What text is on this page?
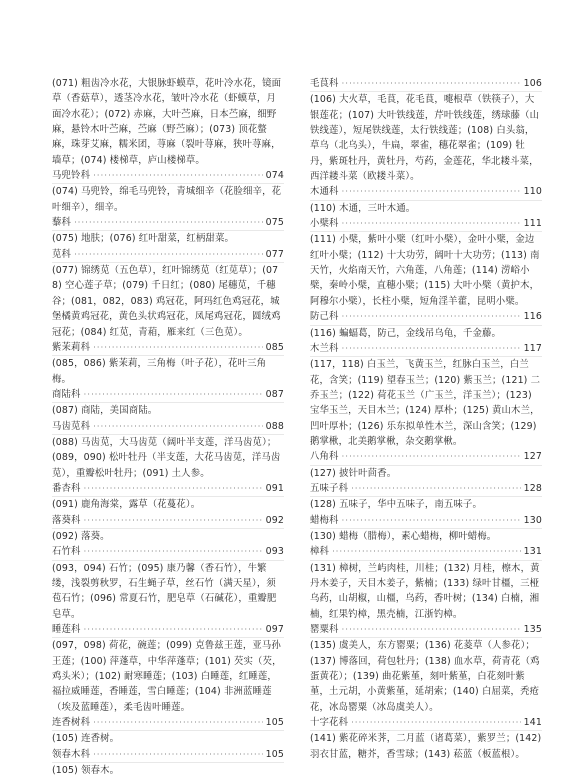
(071) 粗齿冷水花，大银脉虾蟆草，花叶冷水花，镜面草（香菇草），透茎冷水花，皱叶冷水花（虾蟆草，月面冷水花）；(072) 赤麻，大叶苎麻，日本苎麻，细野麻，悬铃木叶苎麻，苎麻（野苎麻）；(073) 顶花螫麻，珠芽艾麻，糯米团，荨麻（裂叶荨麻，狭叶荨麻，墙草；(074) 楼梯草，庐山楼梯草。
马兜铃科 ·····	074
(074) 马兜铃，绵毛马兜铃，青城细辛（花脸细辛，花叶细辛），细辛。
藜科 ·····	075
(075) 地肤；(076) 红叶甜菜，红柄甜菜。
苋科 ·····	077
(077) 锦绣苋（五色草），红叶锦绣苋（红苋草）；(078) 空心莲子草；(079) 千日红；(080) 尾穗苋，千穗谷；(081，082，083) 鸡冠花，阿玛红色鸡冠花，城堡橘黄鸡冠花，黄色头状鸡冠花，凤尾鸡冠花，圆绒鸡冠花；(084) 红苋，青葙，雁来红（三色苋）。
紫茉莉科 ·····	085
(085，086) 紫茉莉，三角梅（叶子花），花叶三角梅。
商陆科 ·····	087
(087) 商陆，美国商陆。
马齿苋科 ·····	088
(088) 马齿苋，大马齿苋（阔叶半支莲，洋马齿苋）；(089，090) 松叶牡丹（半支莲，大花马齿苋，洋马齿苋），重瓣松叶牡丹；(091) 土人参。
番杏科 ·····	091
(091) 鹿角海棠，露草（花蔓花）。
落葵科 ·····	092
(092) 落葵。
石竹科 ·····	093
(093，094) 石竹；(095) 康乃馨（香石竹），牛繁缕，浅裂剪秋罗，石生蝇子草，丝石竹（满天星），须苞石竹；(096) 常夏石竹，肥皂草（石碱花），重瓣肥皂草。
睡莲科 ·····	097
(097，098) 荷花，碗莲；(099) 克鲁兹王莲，亚马孙王莲；(100) 萍蓬草，中华萍蓬草；(101) 芡实（芡，鸡头米）；(102) 耐寒睡莲；(103) 白睡莲，红睡莲，福拉威睡莲，香睡莲，雪白睡莲；(104) 非洲蓝睡莲（埃及蓝睡莲），柔毛齿叶睡莲。
连香树科 ·····	105
(105) 连香树。
领春木科 ·····	105
(105) 领春木。
毛茛科 ·····	106
(106) 大火草，毛茛，花毛茛，嚏根草（铁筷子），大银莲花；(107) 大叶铁线莲，芹叶铁线莲，绣球藤（山铁线莲），短尾铁线莲，太行铁线莲；(108) 白头翁，草乌（北乌头），牛扁，翠雀，穗花翠雀；(109) 牡丹，紫斑牡丹，黄牡丹，芍药，金莲花，华北耧斗菜，西洋耧斗菜（欧耧斗菜）。
木通科 ·····	110
(110) 木通，三叶木通。
小檗科 ·····	111
(111) 小檗，紫叶小檗（红叶小檗），金叶小檗，金边红叶小檗；(112) 十大功劳，阔叶十大功劳；(113) 南天竹，火焰南天竹，六角莲，八角莲；(114) 涝峪小檗，秦岭小檗，直穗小檗；(115) 大叶小檗（黄护木，阿穆尔小檗），长柱小檗，短角淫羊藿，昆明小檗。
防己科 ·····	116
(116) 蝙蝠葛，防己，金线吊乌龟，千金藤。
木兰科 ·····	117
(117，118) 白玉兰，飞黄玉兰，红脉白玉兰，白兰花，含笑；(119) 望春玉兰；(120) 紫玉兰；(121) 二乔玉兰；(122) 荷花玉兰（广玉兰，洋玉兰）；(123) 宝华玉兰，天目木兰；(124) 厚朴；(125) 黄山木兰，凹叶厚朴；(126) 乐东拟单性木兰，深山含笑；(129) 鹅掌楸，北美鹅掌楸，杂交鹅掌楸。
八角科 ·····	127
(127) 披针叶茴香。
五味子科 ·····	128
(128) 五味子，华中五味子，南五味子。
蜡梅科 ·····	130
(130) 蜡梅（腊梅），素心蜡梅，柳叶蜡梅。
樟科 ·····	131
(131) 樟树，兰屿肉桂，川桂；(132) 月桂，檫木，黄丹木姜子，天目木姜子，紫楠；(133) 绿叶甘橿，三桠乌药，山胡椒，山橿，乌药，香叶树；(134) 白楠，湘楠，红果钓樟，黑壳楠，江浙钓樟。
罂粟科 ·····	135
(135) 虞美人，东方罂粟；(136) 花菱草（人参花）；(137) 博落回，荷包牡丹；(138) 血水草，荷青花（鸡蛋黄花）；(139) 曲花紫堇，刻叶紫堇，白花刻叶紫堇，土元胡，小黄紫堇，延胡索；(140) 白屈菜，秃疮花，冰岛罂粟（冰岛虞美人）。
十字花科 ·····	141
(141) 紫花碎米荠，二月蓝（诸葛菜），紫罗兰；(142) 羽衣甘蓝，糖芥，香雪球；(143) 菘蓝（板蓝根）。
